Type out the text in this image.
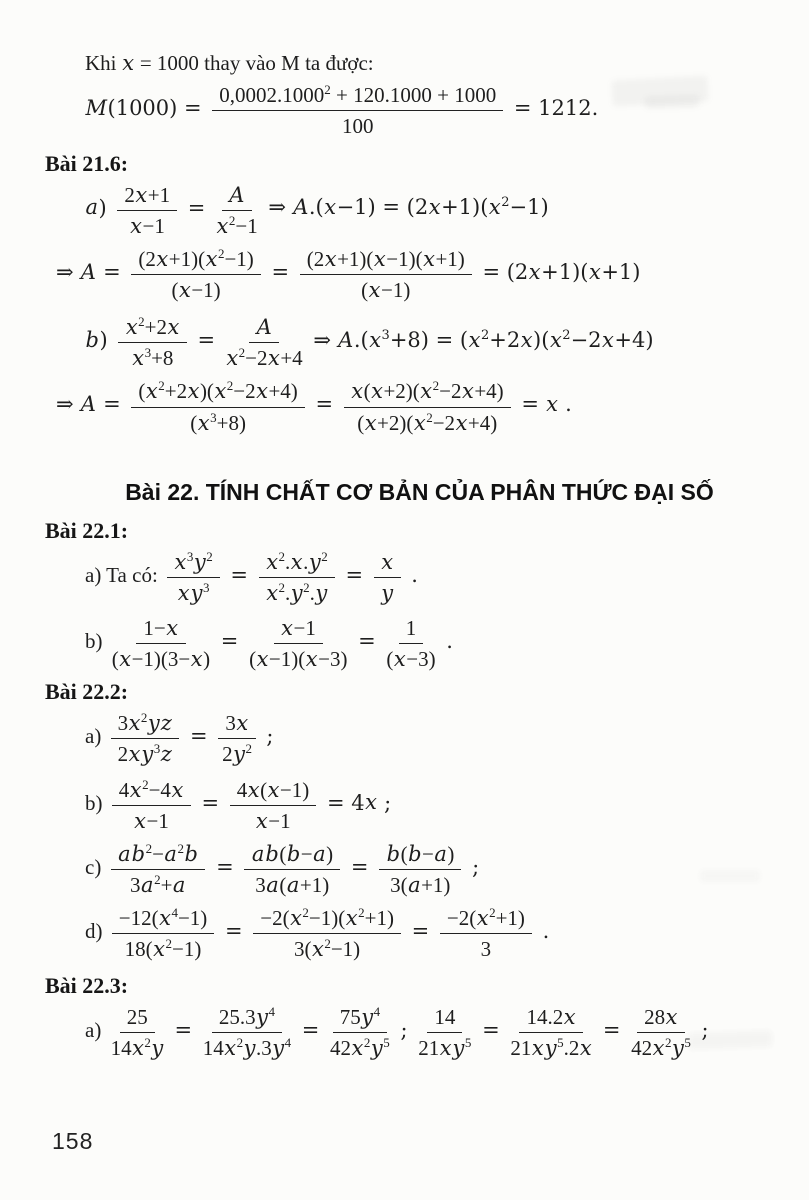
Khi x = 1000 thay vào M ta được:
$M(1000) = \frac{0,0002.1000^2 + 120.1000 + 1000}{100} = 1212$.
Bài 21.6:
$a) \frac{2x+1}{x-1} = \frac{A}{x^2-1}$ ⇒ $A.(x-1) = (2x+1)(x^2-1)$
⇒ $A = \frac{(2x+1)(x^2-1)}{(x-1)} = \frac{(2x+1)(x-1)(x+1)}{(x-1)} = (2x+1)(x+1)$
$b) \frac{x^2+2x}{x^3+8} = \frac{A}{x^2-2x+4}$ ⇒ $A.(x^3+8) = (x^2+2x)(x^2-2x+4)$
⇒ $A = \frac{(x^2+2x)(x^2-2x+4)}{(x^3+8)} = \frac{x(x+2)(x^2-2x+4)}{(x+2)(x^2-2x+4)} = x$ .
Bài 22. TÍNH CHẤT CƠ BẢN CỦA PHÂN THỨC ĐẠI SỐ
Bài 22.1:
a) Ta có: $\frac{x^3y^2}{xy^3} = \frac{x^2.x.y^2}{x^2.y^2.y} = \frac{x}{y}$ .
$b) \frac{1-x}{(x-1)(3-x)} = \frac{x-1}{(x-1)(x-3)} = \frac{1}{(x-3)}$ .
Bài 22.2:
$a) \frac{3x^2yz}{2xy^3z} = \frac{3x}{2y^2}$ ;
$b) \frac{4x^2-4x}{x-1} = \frac{4x(x-1)}{x-1} = 4x$ ;
$c) \frac{ab^2-a^2b}{3a^2+a} = \frac{ab(b-a)}{3a(a+1)} = \frac{b(b-a)}{3(a+1)}$ ;
$d) \frac{-12(x^4-1)}{18(x^2-1)} = \frac{-2(x^2-1)(x^2+1)}{3(x^2-1)} = \frac{-2(x^2+1)}{3}$ .
Bài 22.3:
$a) \frac{25}{14x^2y} = \frac{25.3y^4}{14x^2y.3y^4} = \frac{75y^4}{42x^2y^5}$ ; $\frac{14}{21xy^5} = \frac{14.2x}{21xy^5.2x} = \frac{28x}{42x^2y^5}$ ;
158
